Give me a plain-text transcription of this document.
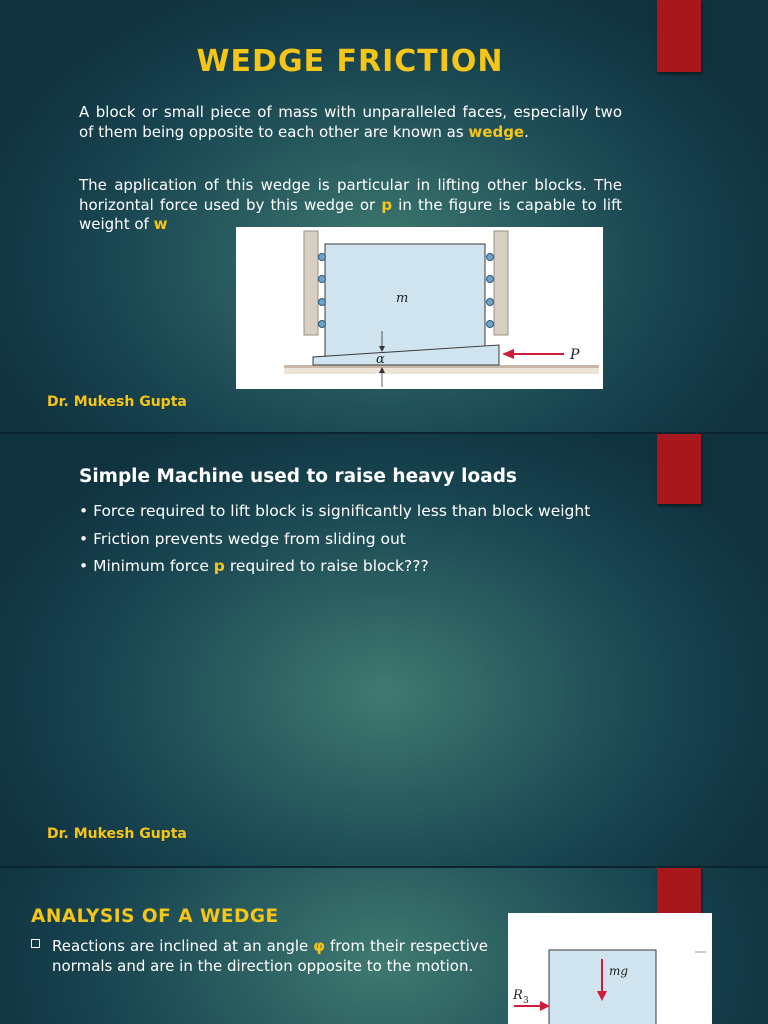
WEDGE FRICTION
A block or small piece of mass with unparalleled faces, especially two of them being opposite to each other are known as wedge.
The application of this wedge is particular in lifting other blocks. The horizontal force used by this wedge or p in the figure is capable to lift weight of w
α
m
P
Dr. Mukesh Gupta
Simple Machine used to raise heavy loads
• Force required to lift block is significantly less than block weight
• Friction prevents wedge from sliding out
• Minimum force p required to raise block???
Dr. Mukesh Gupta
ANALYSIS OF A WEDGE
Reactions are inclined at an angle φ from their respective normals and are in the direction opposite to the motion.	mg
R 3
